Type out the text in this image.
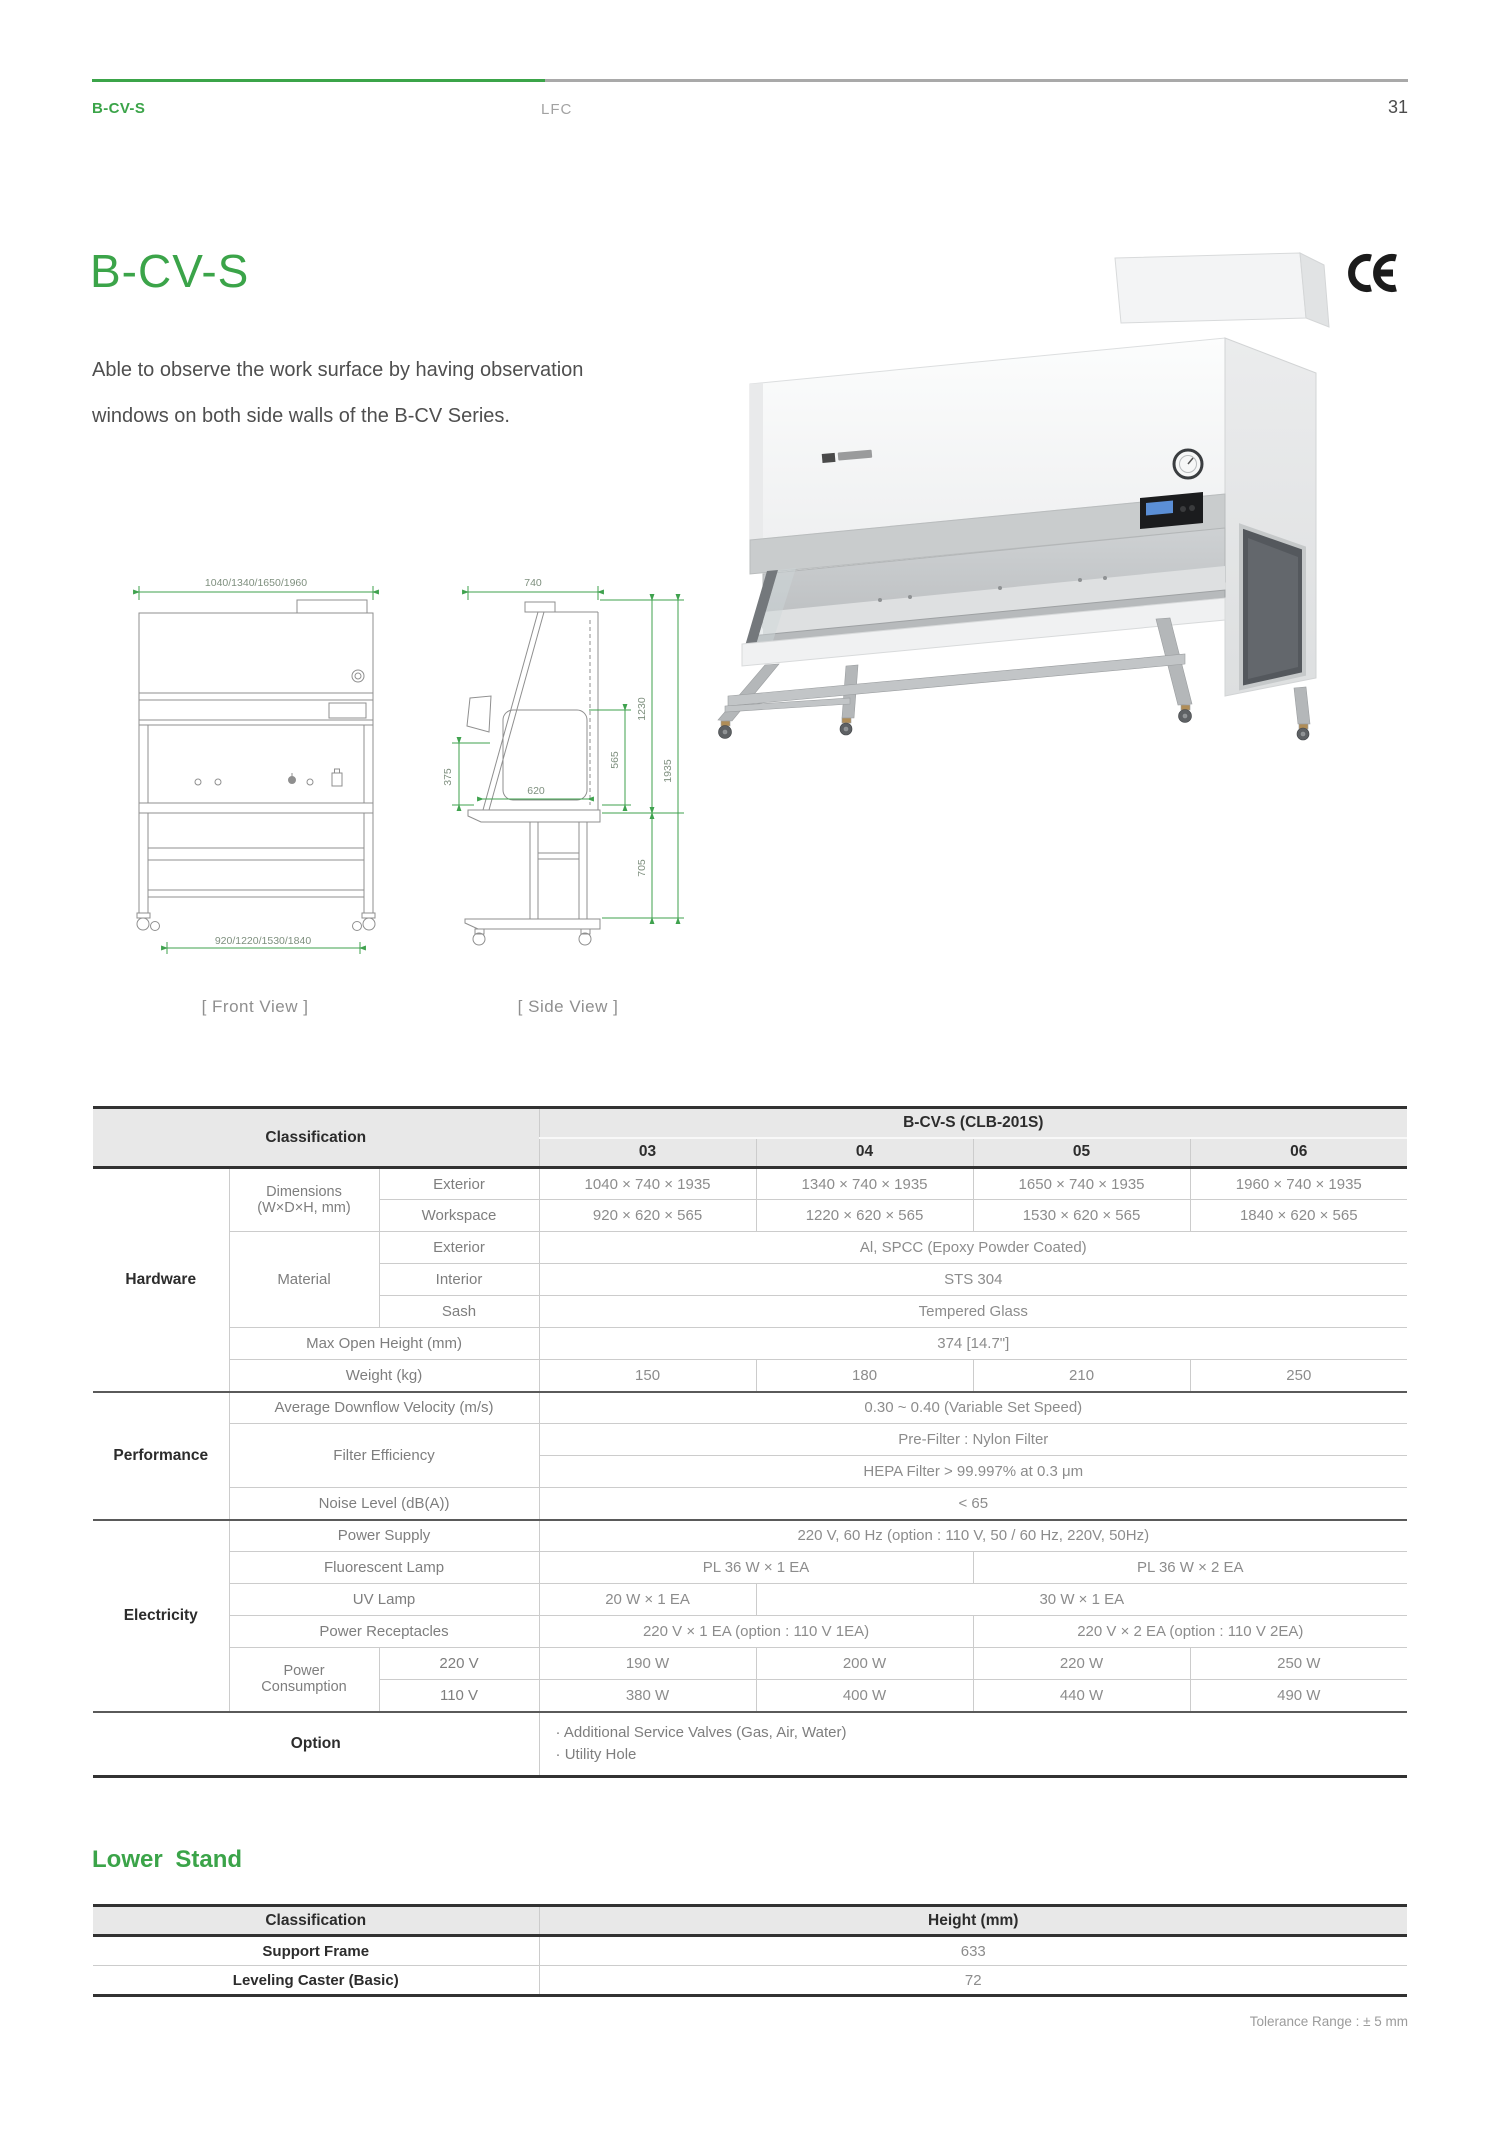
B-CV-S	LFC	31
B-CV-S
Able to observe the work surface by having observation
windows on both side walls of the B-CV Series.
1040/1340/1650/1960
920/1220/1530/1840
[ Front View ]
740
375
620
565
1230
705
1935
[ Side View ]
Classification			B-CV-S (CLB-201S)			
			03	04	05	06
Hardware	Dimensions
(W×D×H, mm)	Exterior	1040 × 740 × 1935	1340 × 740 × 1935	1650 × 740 × 1935	1960 × 740 × 1935
		Workspace	920 × 620 × 565	1220 × 620 × 565	1530 × 620 × 565	1840 × 620 × 565
	Material	Exterior	Al, SPCC (Epoxy Powder Coated)			
		Interior	STS 304			
		Sash	Tempered Glass			
	Max Open Height (mm)		374 [14.7"]			
	Weight (kg)		150	180	210	250
Performance	Average Downflow Velocity (m/s)		0.30 ~ 0.40 (Variable Set Speed)			
	Filter Efficiency		Pre-Filter : Nylon Filter			
			HEPA Filter > 99.997% at 0.3 μm			
	Noise Level (dB(A))		< 65			
Electricity	Power Supply		220 V, 60 Hz (option : 110 V, 50 / 60 Hz, 220V, 50Hz)			
	Fluorescent Lamp		PL 36 W × 1 EA		PL 36 W × 2 EA	
	UV Lamp		20 W × 1 EA	30 W × 1 EA		
	Power Receptacles		220 V × 1 EA (option : 110 V 1EA)		220 V × 2 EA (option : 110 V 2EA)	
	Power
Consumption	220 V	190 W	200 W	220 W	250 W
		110 V	380 W	400 W	440 W	490 W
Option			· Additional Service Valves (Gas, Air, Water)
· Utility Hole			
Lower Stand
Classification	Height (mm)
Support Frame	633
Leveling Caster (Basic)	72
Tolerance Range : ± 5 mm
